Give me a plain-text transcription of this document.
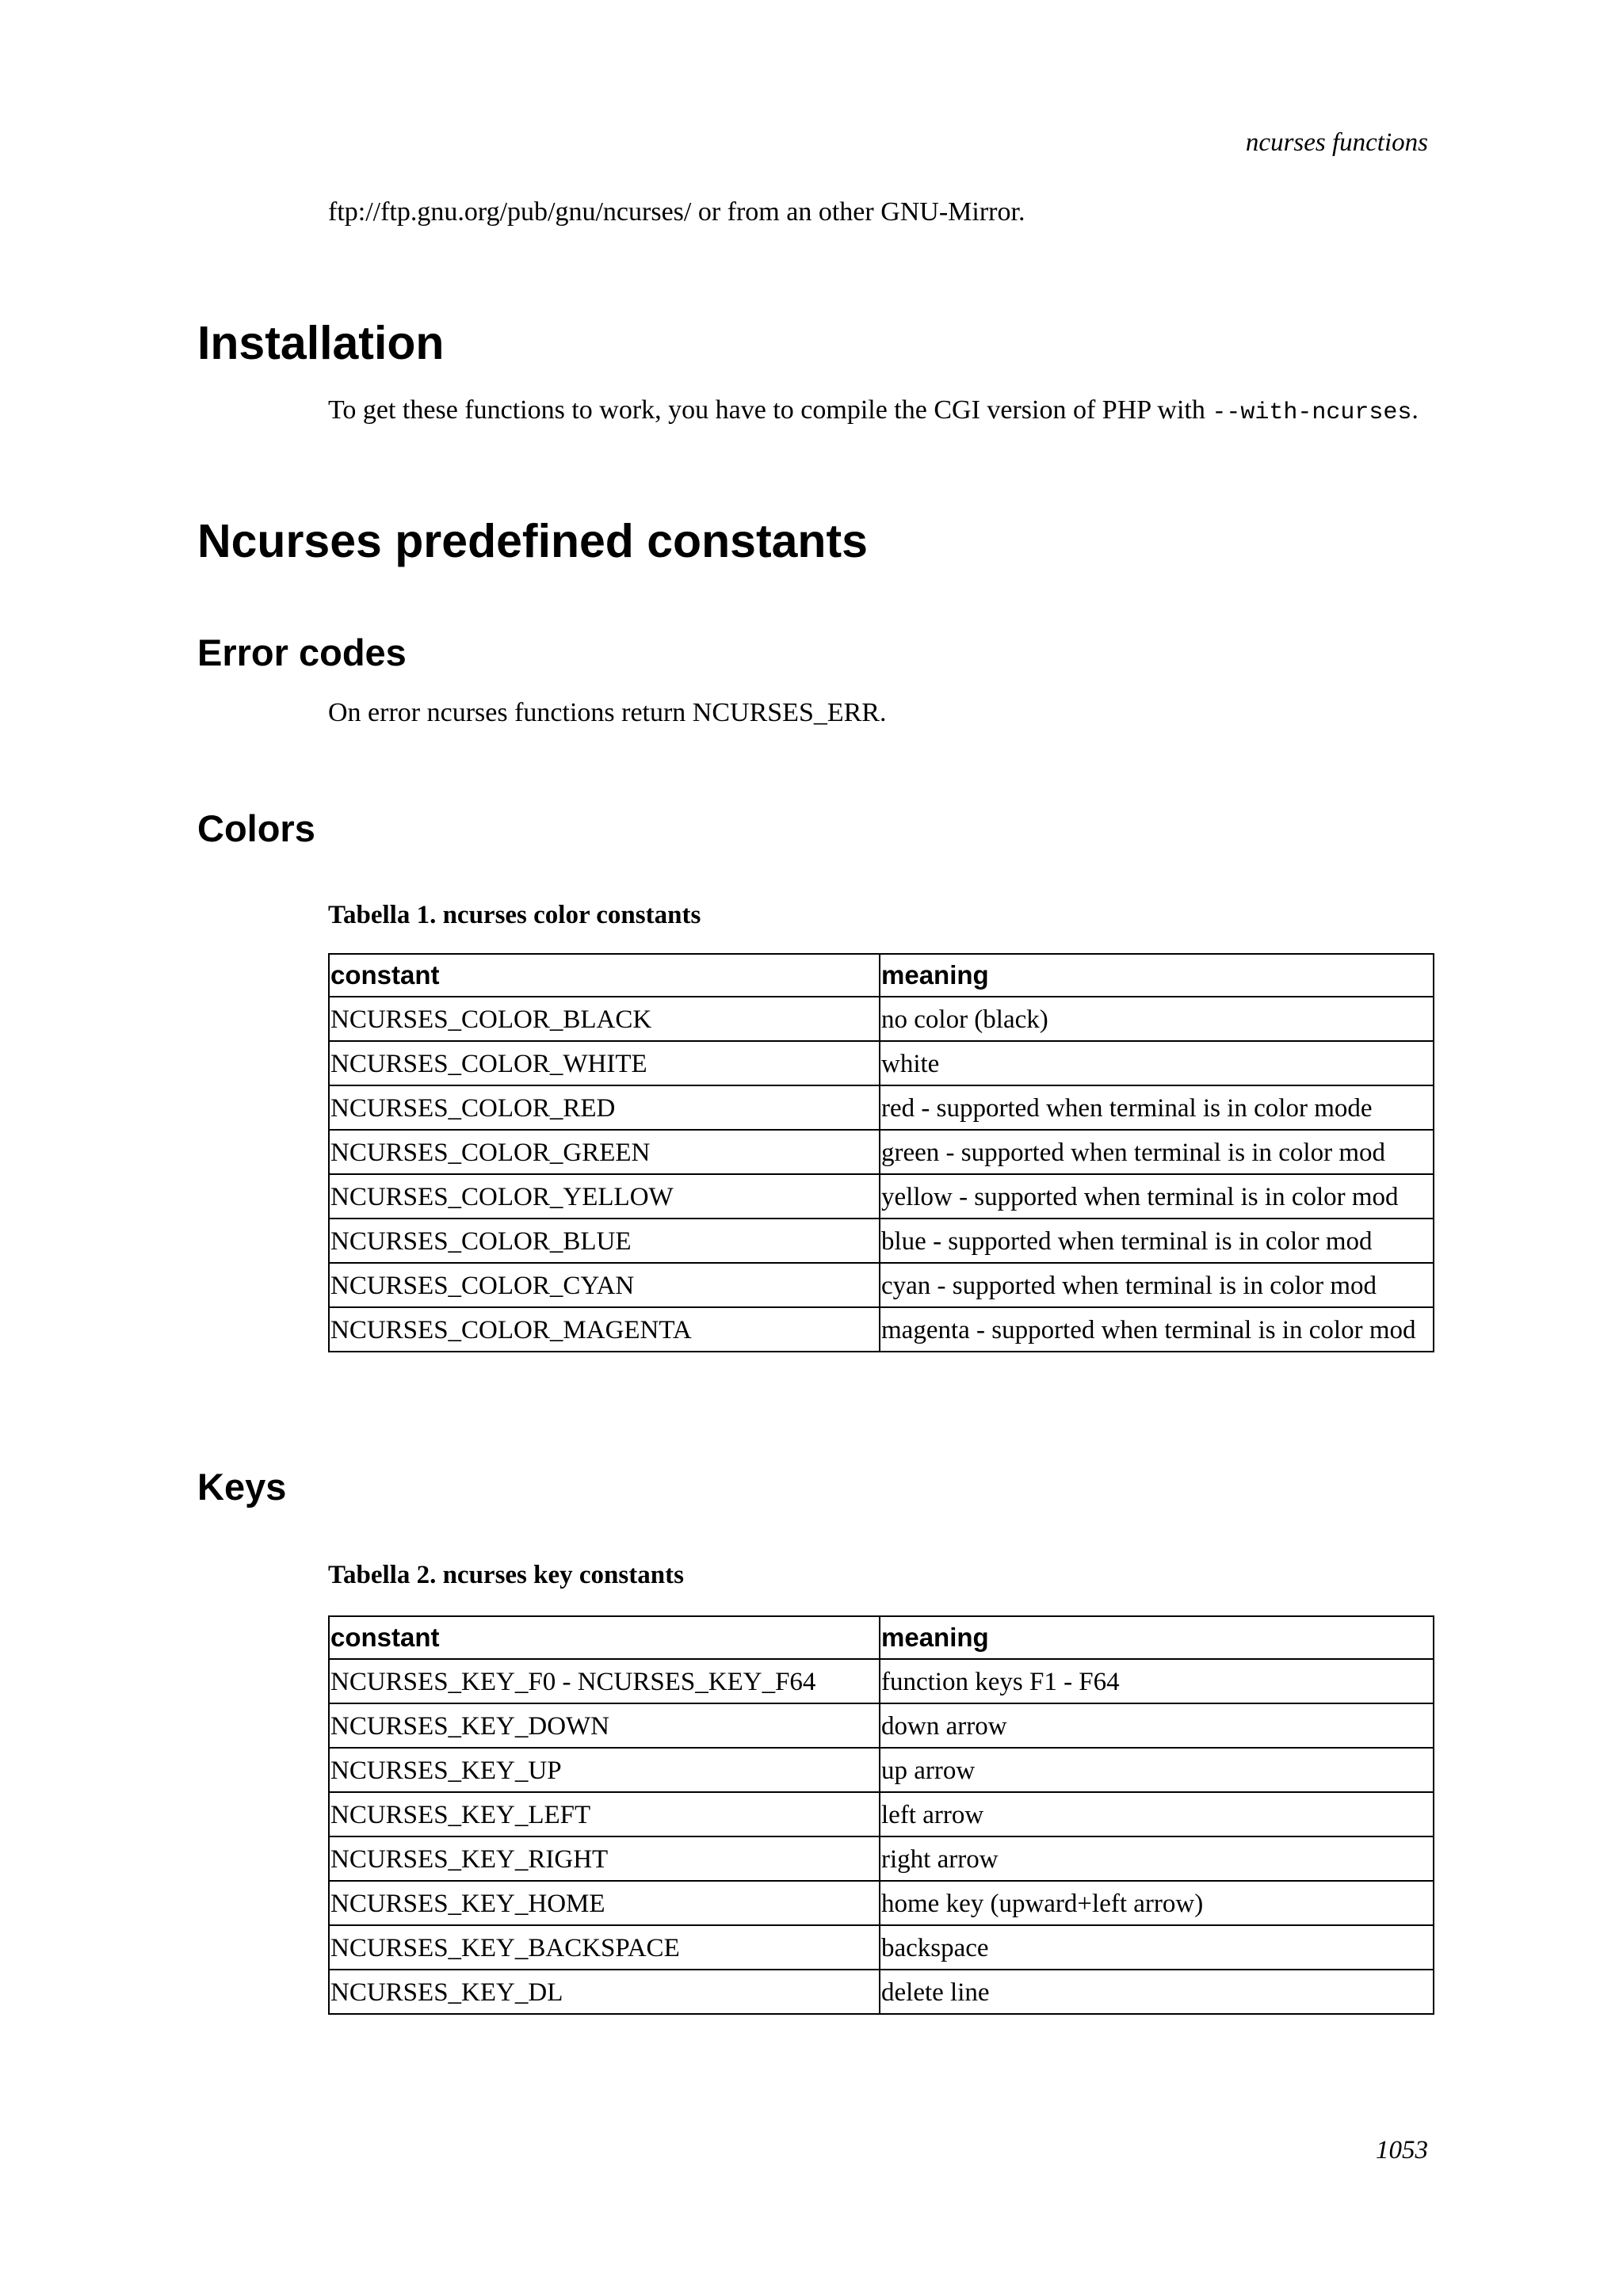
ncurses functions
ftp://ftp.gnu.org/pub/gnu/ncurses/ or from an other GNU-Mirror.
Installation
To get these functions to work, you have to compile the CGI version of PHP with --with-ncurses.
Ncurses predefined constants
Error codes
On error ncurses functions return NCURSES_ERR.
Colors
Tabella 1. ncurses color constants
constant	meaning
NCURSES_COLOR_BLACK	no color (black)
NCURSES_COLOR_WHITE	white
NCURSES_COLOR_RED	red - supported when terminal is in color mode
NCURSES_COLOR_GREEN	green - supported when terminal is in color mod
NCURSES_COLOR_YELLOW	yellow - supported when terminal is in color mod
NCURSES_COLOR_BLUE	blue - supported when terminal is in color mod
NCURSES_COLOR_CYAN	cyan - supported when terminal is in color mod
NCURSES_COLOR_MAGENTA	magenta - supported when terminal is in color mod
Keys
Tabella 2. ncurses key constants
constant	meaning
NCURSES_KEY_F0 - NCURSES_KEY_F64	function keys F1 - F64
NCURSES_KEY_DOWN	down arrow
NCURSES_KEY_UP	up arrow
NCURSES_KEY_LEFT	left arrow
NCURSES_KEY_RIGHT	right arrow
NCURSES_KEY_HOME	home key (upward+left arrow)
NCURSES_KEY_BACKSPACE	backspace
NCURSES_KEY_DL	delete line
1053
